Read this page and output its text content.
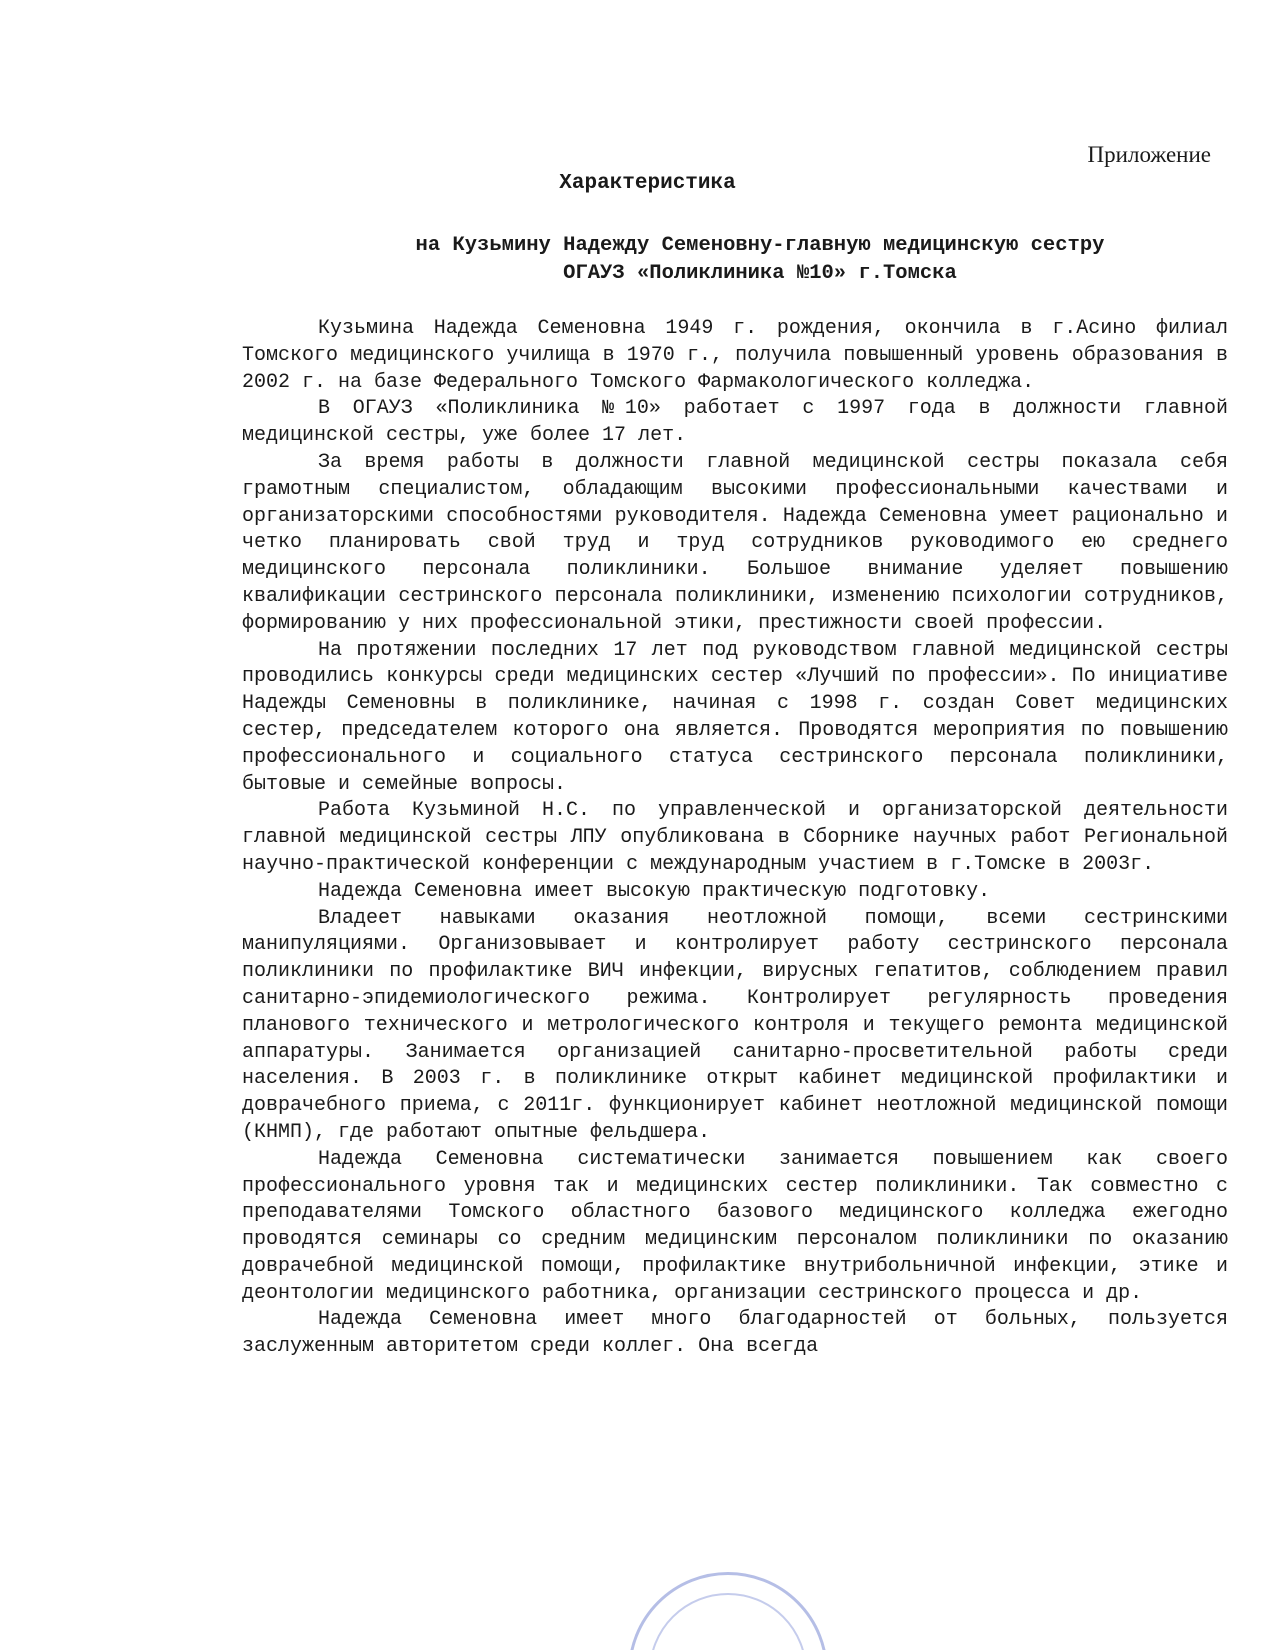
Приложение
Характеристика
на Кузьмину Надежду Семеновну-главную медицинскую сестру
ОГАУЗ «Поликлиника №10» г.Томска

Кузьмина Надежда Семеновна 1949 г. рождения, окончила в г.Асино филиал Томского медицинского училища в 1970 г., получила повышенный уровень образования в 2002 г. на базе Федерального Томского Фармакологического колледжа.

В ОГАУЗ «Поликлиника №10» работает с 1997 года в должности главной медицинской сестры, уже более 17 лет.

За время работы в должности главной медицинской сестры показала себя грамотным специалистом, обладающим высокими профессиональными качествами и организаторскими способностями руководителя. Надежда Семеновна умеет рационально и четко планировать свой труд и труд сотрудников руководимого ею среднего медицинского персонала поликлиники. Большое внимание уделяет повышению квалификации сестринского персонала поликлиники, изменению психологии сотрудников, формированию у них профессиональной этики, престижности своей профессии.

На протяжении последних 17 лет под руководством главной медицинской сестры проводились конкурсы среди медицинских сестер «Лучший по профессии». По инициативе Надежды Семеновны в поликлинике, начиная с 1998 г. создан Совет медицинских сестер, председателем которого она является. Проводятся мероприятия по повышению профессионального и социального статуса сестринского персонала поликлиники, бытовые и семейные вопросы.

Работа Кузьминой Н.С. по управленческой и организаторской деятельности главной медицинской сестры ЛПУ опубликована в Сборнике научных работ Региональной научно-практической конференции с международным участием в г.Томске в 2003г.

Надежда Семеновна имеет высокую практическую подготовку.

Владеет навыками оказания неотложной помощи, всеми сестринскими манипуляциями. Организовывает и контролирует работу сестринского персонала поликлиники по профилактике ВИЧ инфекции, вирусных гепатитов, соблюдением правил санитарно-эпидемиологического режима. Контролирует регулярность проведения планового технического и метрологического контроля и текущего ремонта медицинской аппаратуры. Занимается организацией санитарно-просветительной работы среди населения. В 2003 г. в поликлинике открыт кабинет медицинской профилактики и доврачебного приема, с 2011г. функционирует кабинет неотложной медицинской помощи (КНМП), где работают опытные фельдшера.

Надежда Семеновна систематически занимается повышением как своего профессионального уровня так и медицинских сестер поликлиники. Так совместно с преподавателями Томского областного базового медицинского колледжа ежегодно проводятся семинары со средним медицинским персоналом поликлиники по оказанию доврачебной медицинской помощи, профилактике внутрибольничной инфекции, этике и деонтологии медицинского работника, организации сестринского процесса и др.

Надежда Семеновна имеет много благодарностей от больных, пользуется заслуженным авторитетом среди коллег. Она всегда
